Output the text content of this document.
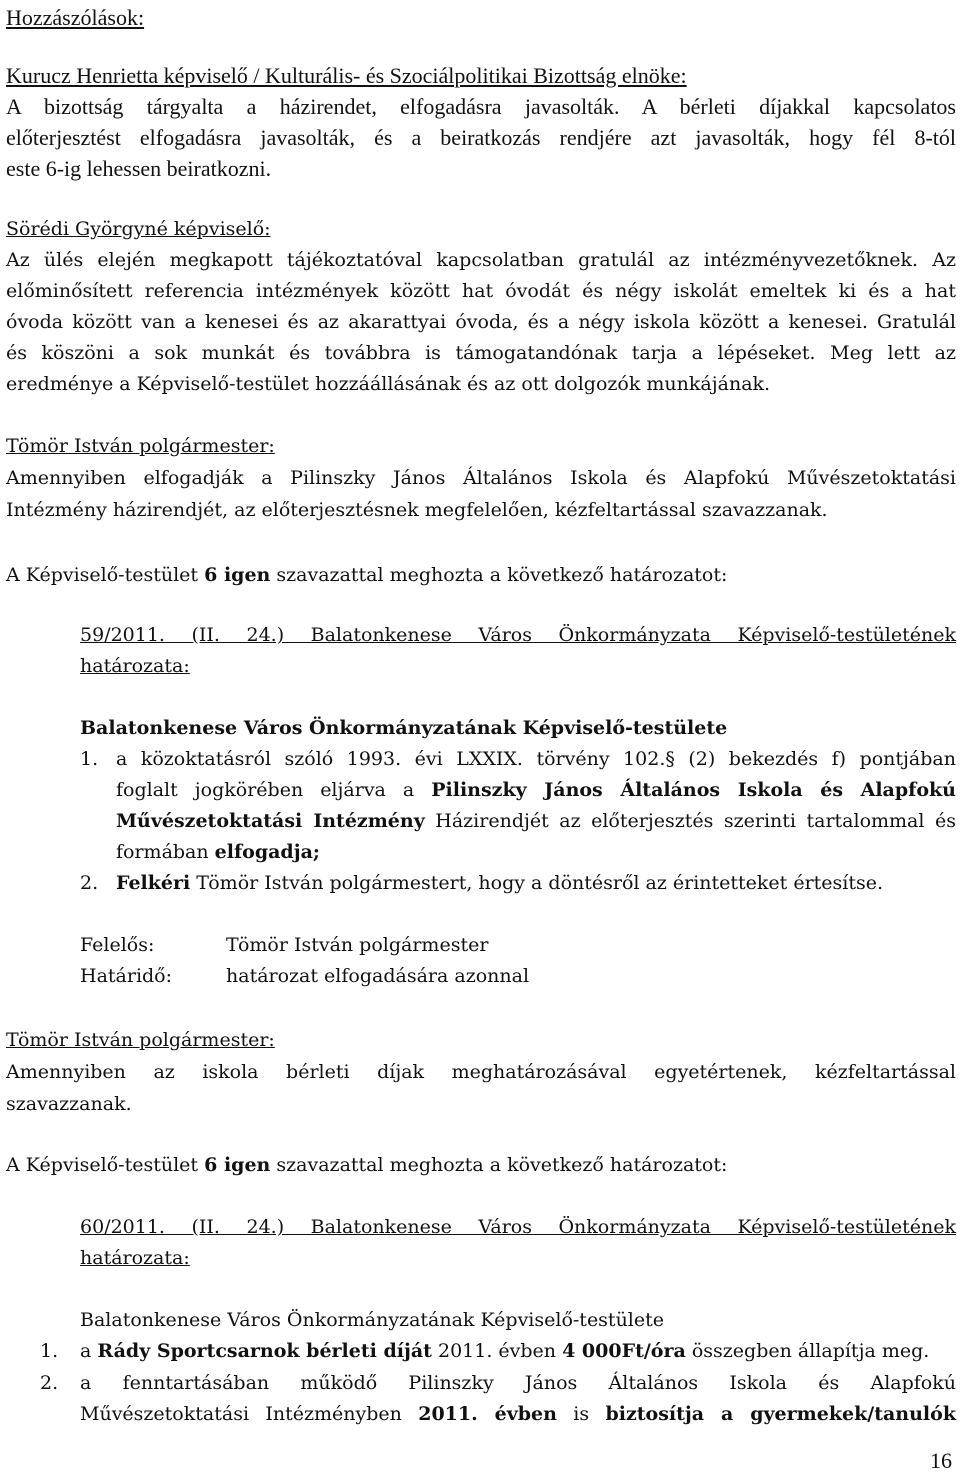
Hozzászólások:
Kurucz Henrietta képviselő / Kulturális- és Szociálpolitikai Bizottság elnöke:
A bizottság tárgyalta a házirendet, elfogadásra javasolták. A bérleti díjakkal kapcsolatos
előterjesztést elfogadásra javasolták, és a beiratkozás rendjére azt javasolták, hogy fél 8-tól
este 6-ig lehessen beiratkozni.
Sörédi Györgyné képviselő:
Az ülés elején megkapott tájékoztatóval kapcsolatban gratulál az intézményvezetőknek. Az
előminősített referencia intézmények között hat óvodát és négy iskolát emeltek ki és a hat
óvoda között van a kenesei és az akarattyai óvoda, és a négy iskola között a kenesei. Gratulál
és köszöni a sok munkát és továbbra is támogatandónak tarja a lépéseket. Meg lett az
eredménye a Képviselő-testület hozzáállásának és az ott dolgozók munkájának.
Tömör István polgármester:
Amennyiben elfogadják a Pilinszky János Általános Iskola és Alapfokú Művészetoktatási
Intézmény házirendjét, az előterjesztésnek megfelelően, kézfeltartással szavazzanak.
A Képviselő-testület 6 igen szavazattal meghozta a következő határozatot:
59/2011. (II. 24.) Balatonkenese Város Önkormányzata Képviselő-testületének
határozata:
Balatonkenese Város Önkormányzatának Képviselő-testülete
1. a közoktatásról szóló 1993. évi LXXIX. törvény 102.§ (2) bekezdés f) pontjában
foglalt jogkörében eljárva a Pilinszky János Általános Iskola és Alapfokú
Művészetoktatási Intézmény Házirendjét az előterjesztés szerinti tartalommal és
formában elfogadja;
2. Felkéri Tömör István polgármestert, hogy a döntésről az érintetteket értesítse.
Felelős:	Tömör István polgármester
Határidő:	határozat elfogadására azonnal
Tömör István polgármester:
Amennyiben az iskola bérleti díjak meghatározásával egyetértenek, kézfeltartással
szavazzanak.
A Képviselő-testület 6 igen szavazattal meghozta a következő határozatot:
60/2011. (II. 24.) Balatonkenese Város Önkormányzata Képviselő-testületének
határozata:
Balatonkenese Város Önkormányzatának Képviselő-testülete
1. a Rády Sportcsarnok bérleti díját 2011. évben 4 000Ft/óra összegben állapítja meg.
2. a fenntartásában működő Pilinszky János Általános Iskola és Alapfokú
Művészetoktatási Intézményben 2011. évben is biztosítja a gyermekek/tanulók
16
